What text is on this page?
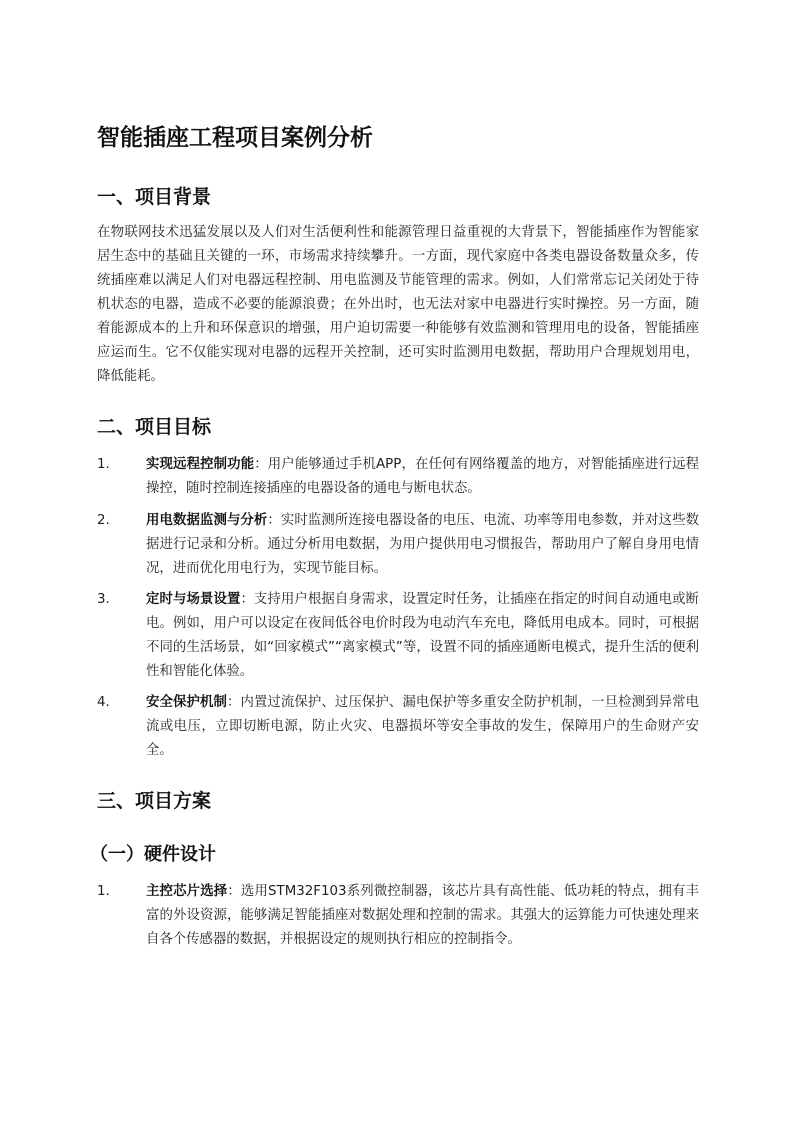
智能插座工程项目案例分析
一、项目背景

在物联网技术迅猛发展以及人们对生活便利性和能源管理日益重视的大背景下，智能插座作为智能家居生态中的基础且关键的一环，市场需求持续攀升。一方面，现代家庭中各类电器设备数量众多，传统插座难以满足人们对电器远程控制、用电监测及节能管理的需求。例如，人们常常忘记关闭处于待机状态的电器，造成不必要的能源浪费；在外出时，也无法对家中电器进行实时操控。另一方面，随着能源成本的上升和环保意识的增强，用户迫切需要一种能够有效监测和管理用电的设备，智能插座应运而生。它不仅能实现对电器的远程开关控制，还可实时监测用电数据，帮助用户合理规划用电，降低能耗。

二、项目目标
1.	实现远程控制功能：用户能够通过手机APP，在任何有网络覆盖的地方，对智能插座进行远程操控，随时控制连接插座的电器设备的通电与断电状态。

2.	用电数据监测与分析：实时监测所连接电器设备的电压、电流、功率等用电参数，并对这些数据进行记录和分析。通过分析用电数据，为用户提供用电习惯报告，帮助用户了解自身用电情况，进而优化用电行为，实现节能目标。

3.	定时与场景设置：支持用户根据自身需求，设置定时任务，让插座在指定的时间自动通电或断电。例如，用户可以设定在夜间低谷电价时段为电动汽车充电，降低用电成本。同时，可根据不同的生活场景，如“回家模式”“离家模式”等，设置不同的插座通断电模式，提升生活的便利性和智能化体验。

4.	安全保护机制：内置过流保护、过压保护、漏电保护等多重安全防护机制，一旦检测到异常电流或电压，立即切断电源，防止火灾、电器损坏等安全事故的发生，保障用户的生命财产安全。

三、项目方案
（一）硬件设计
1.	主控芯片选择：选用STM32F103系列微控制器，该芯片具有高性能、低功耗的特点，拥有丰富的外设资源，能够满足智能插座对数据处理和控制的需求。其强大的运算能力可快速处理来自各个传感器的数据，并根据设定的规则执行相应的控制指令。
